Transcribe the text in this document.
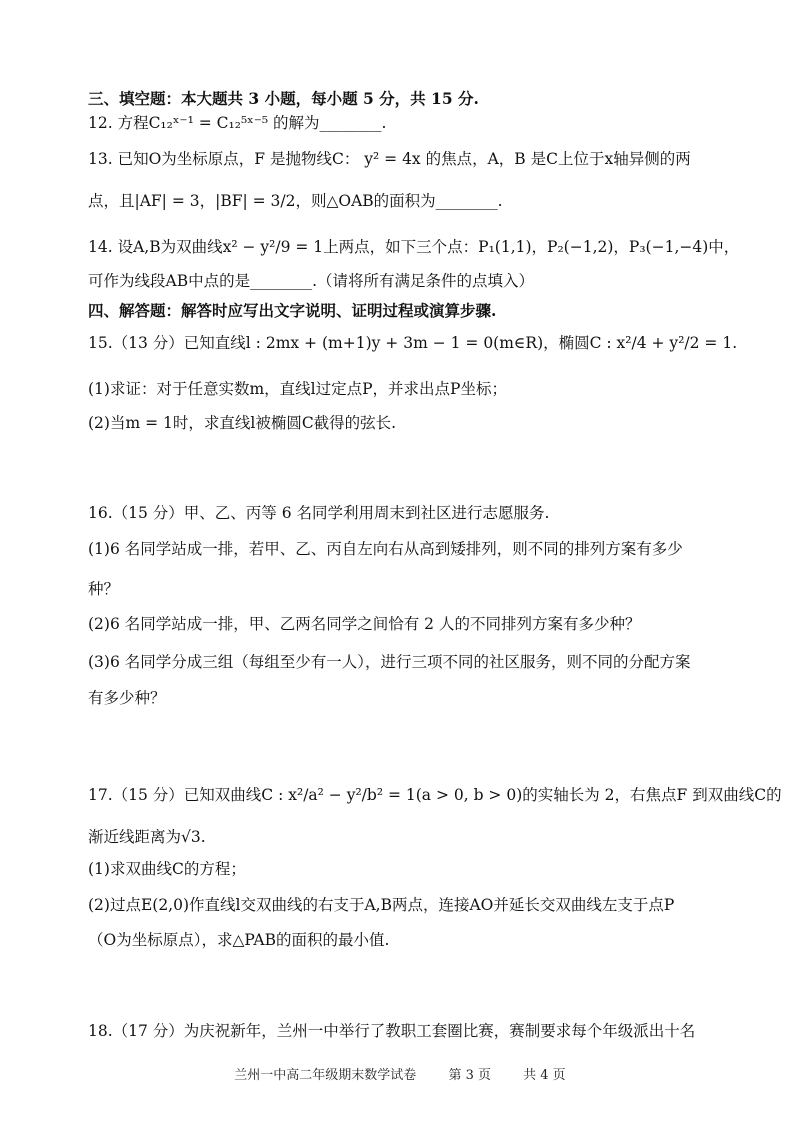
三、填空题：本大题共 3 小题，每小题 5 分，共 15 分.
12. 方程C₁₂ˣ⁻¹ = C₁₂⁵ˣ⁻⁵ 的解为________.
13. 已知O为坐标原点，F 是抛物线C： y² = 4x 的焦点，A，B 是C上位于x轴异侧的两
点，且|AF| = 3，|BF| = 3/2，则△OAB的面积为________.
14. 设A,B为双曲线x² − y²/9 = 1上两点，如下三个点：P₁(1,1)，P₂(−1,2)，P₃(−1,−4)中，
可作为线段AB中点的是________.（请将所有满足条件的点填入）
四、解答题：解答时应写出文字说明、证明过程或演算步骤.
15.（13 分）已知直线l : 2mx + (m+1)y + 3m − 1 = 0(m∈R)，椭圆C : x²/4 + y²/2 = 1.
(1)求证：对于任意实数m，直线l过定点P，并求出点P坐标；
(2)当m = 1时，求直线l被椭圆C截得的弦长.
16.（15 分）甲、乙、丙等 6 名同学利用周末到社区进行志愿服务.
(1)6 名同学站成一排，若甲、乙、丙自左向右从高到矮排列，则不同的排列方案有多少
种？
(2)6 名同学站成一排，甲、乙两名同学之间恰有 2 人的不同排列方案有多少种？
(3)6 名同学分成三组（每组至少有一人），进行三项不同的社区服务，则不同的分配方案
有多少种？
17.（15 分）已知双曲线C : x²/a² − y²/b² = 1(a > 0, b > 0)的实轴长为 2，右焦点F 到双曲线C的
渐近线距离为√3.
(1)求双曲线C的方程；
(2)过点E(2,0)作直线l交双曲线的右支于A,B两点，连接AO并延长交双曲线左支于点P
（O为坐标原点），求△PAB的面积的最小值.
18.（17 分）为庆祝新年，兰州一中举行了教职工套圈比赛，赛制要求每个年级派出十名
兰州一中高二年级期末数学试卷 第 3 页 共 4 页
